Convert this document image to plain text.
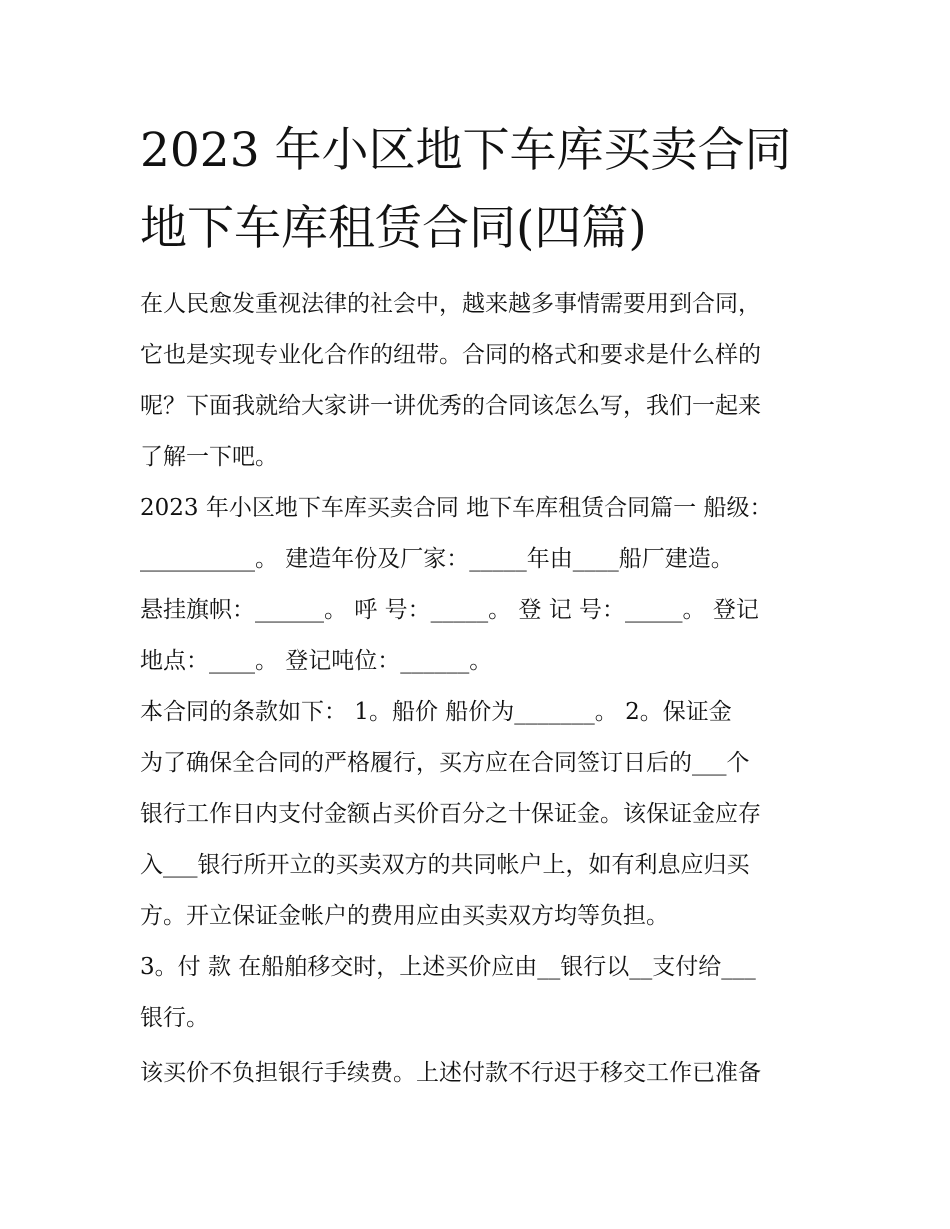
2023 年小区地下车库买卖合同
地下车库租赁合同(四篇)
在人民愈发重视法律的社会中，越来越多事情需要用到合同，
它也是实现专业化合作的纽带。合同的格式和要求是什么样的
呢？下面我就给大家讲一讲优秀的合同该怎么写，我们一起来
了解一下吧。
2023 年小区地下车库买卖合同 地下车库租赁合同篇一 船级：
__________。 建造年份及厂家：_____年由____船厂建造。
悬挂旗帜：______。 呼 号：_____。 登 记 号：_____。 登记
地点：____。 登记吨位：______。
本合同的条款如下： 1。船价 船价为_______。 2。保证金
为了确保全合同的严格履行，买方应在合同签订日后的___个
银行工作日内支付金额占买价百分之十保证金。该保证金应存
入___银行所开立的买卖双方的共同帐户上，如有利息应归买
方。开立保证金帐户的费用应由买卖双方均等负担。
3。付 款 在船舶移交时，上述买价应由__银行以__支付给___
银行。
该买价不负担银行手续费。上述付款不行迟于移交工作已准备
